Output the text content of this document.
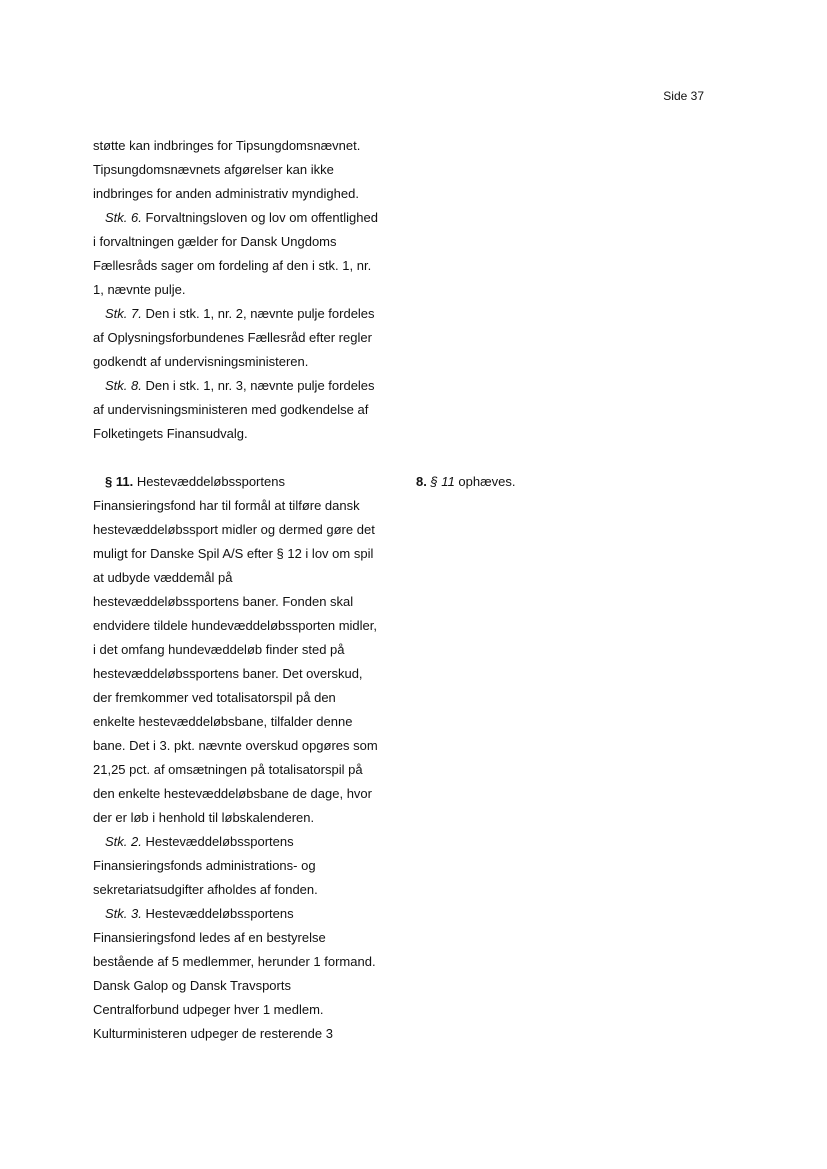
Side 37
støtte kan indbringes for Tipsungdomsnævnet.
Tipsungdomsnævnets afgørelser kan ikke
indbringes for anden administrativ myndighed.
Stk. 6. Forvaltningsloven og lov om offentlighed
i forvaltningen gælder for Dansk Ungdoms
Fællesråds sager om fordeling af den i stk. 1, nr.
1, nævnte pulje.
Stk. 7. Den i stk. 1, nr. 2, nævnte pulje fordeles
af Oplysningsforbundenes Fællesråd efter regler
godkendt af undervisningsministeren.
Stk. 8. Den i stk. 1, nr. 3, nævnte pulje fordeles
af undervisningsministeren med godkendelse af
Folketingets Finansudvalg.
§ 11. Hestevæddeløbssportens
Finansieringsfond har til formål at tilføre dansk
hestevæddeløbssport midler og dermed gøre det
muligt for Danske Spil A/S efter § 12 i lov om spil
at udbyde væddemål på
hestevæddeløbssportens baner. Fonden skal
endvidere tildele hundevæddeløbssporten midler,
i det omfang hundevæddeløb finder sted på
hestevæddeløbssportens baner. Det overskud,
der fremkommer ved totalisatorspil på den
enkelte hestevæddeløbsbane, tilfalder denne
bane. Det i 3. pkt. nævnte overskud opgøres som
21,25 pct. af omsætningen på totalisatorspil på
den enkelte hestevæddeløbsbane de dage, hvor
der er løb i henhold til løbskalenderen.
Stk. 2. Hestevæddeløbssportens
Finansieringsfonds administrations- og
sekretariatsudgifter afholdes af fonden.
Stk. 3. Hestevæddeløbssportens
Finansieringsfond ledes af en bestyrelse
bestående af 5 medlemmer, herunder 1 formand.
Dansk Galop og Dansk Travsports
Centralforbund udpeger hver 1 medlem.
Kulturministeren udpeger de resterende 3
8. § 11 ophæves.
